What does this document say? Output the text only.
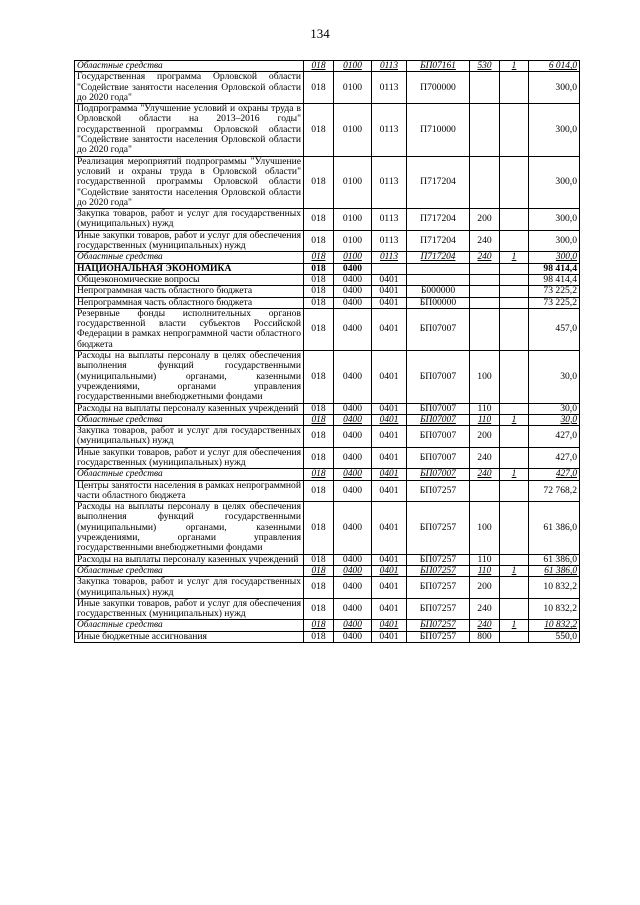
134
Областные средства	018	0100	0113	БП07161	530	1	6 014,0
Государственная программа Орловской области "Содействие занятости населения Орловской области до 2020 года"	018	0100	0113	П700000			300,0
Подпрограмма "Улучшение условий и охраны труда в Орловской области на 2013–2016 годы" государственной программы Орловской области "Содействие занятости населения Орловской области до 2020 года"	018	0100	0113	П710000			300,0
Реализация мероприятий подпрограммы "Улучшение условий и охраны труда в Орловской области" государственной программы Орловской области "Содействие занятости населения Орловской области до 2020 года"	018	0100	0113	П717204			300,0
Закупка товаров, работ и услуг для государственных (муниципальных) нужд	018	0100	0113	П717204	200		300,0
Иные закупки товаров, работ и услуг для обеспечения государственных (муниципальных) нужд	018	0100	0113	П717204	240		300,0
Областные средства	018	0100	0113	П717204	240	1	300,0
НАЦИОНАЛЬНАЯ ЭКОНОМИКА	018	0400					98 414,4
Общеэкономические вопросы	018	0400	0401				98 414,4
Непрограммная часть областного бюджета	018	0400	0401	Б000000			73 225,2
Непрограммная часть областного бюджета	018	0400	0401	БП00000			73 225,2
Резервные фонды исполнительных органов государственной власти субъектов Российской Федерации в рамках непрограммной части областного бюджета	018	0400	0401	БП07007			457,0
Расходы на выплаты персоналу в целях обеспечения выполнения функций государственными (муниципальными) органами, казенными учреждениями, органами управления государственными внебюджетными фондами	018	0400	0401	БП07007	100		30,0
Расходы на выплаты персоналу казенных учреждений	018	0400	0401	БП07007	110		30,0
Областные средства	018	0400	0401	БП07007	110	1	30,0
Закупка товаров, работ и услуг для государственных (муниципальных) нужд	018	0400	0401	БП07007	200		427,0
Иные закупки товаров, работ и услуг для обеспечения государственных (муниципальных) нужд	018	0400	0401	БП07007	240		427,0
Областные средства	018	0400	0401	БП07007	240	1	427,0
Центры занятости населения в рамках непрограммной части областного бюджета	018	0400	0401	БП07257			72 768,2
Расходы на выплаты персоналу в целях обеспечения выполнения функций государственными (муниципальными) органами, казенными учреждениями, органами управления государственными внебюджетными фондами	018	0400	0401	БП07257	100		61 386,0
Расходы на выплаты персоналу казенных учреждений	018	0400	0401	БП07257	110		61 386,0
Областные средства	018	0400	0401	БП07257	110	1	61 386,0
Закупка товаров, работ и услуг для государственных (муниципальных) нужд	018	0400	0401	БП07257	200		10 832,2
Иные закупки товаров, работ и услуг для обеспечения государственных (муниципальных) нужд	018	0400	0401	БП07257	240		10 832,2
Областные средства	018	0400	0401	БП07257	240	1	10 832,2
Иные бюджетные ассигнования	018	0400	0401	БП07257	800		550,0
